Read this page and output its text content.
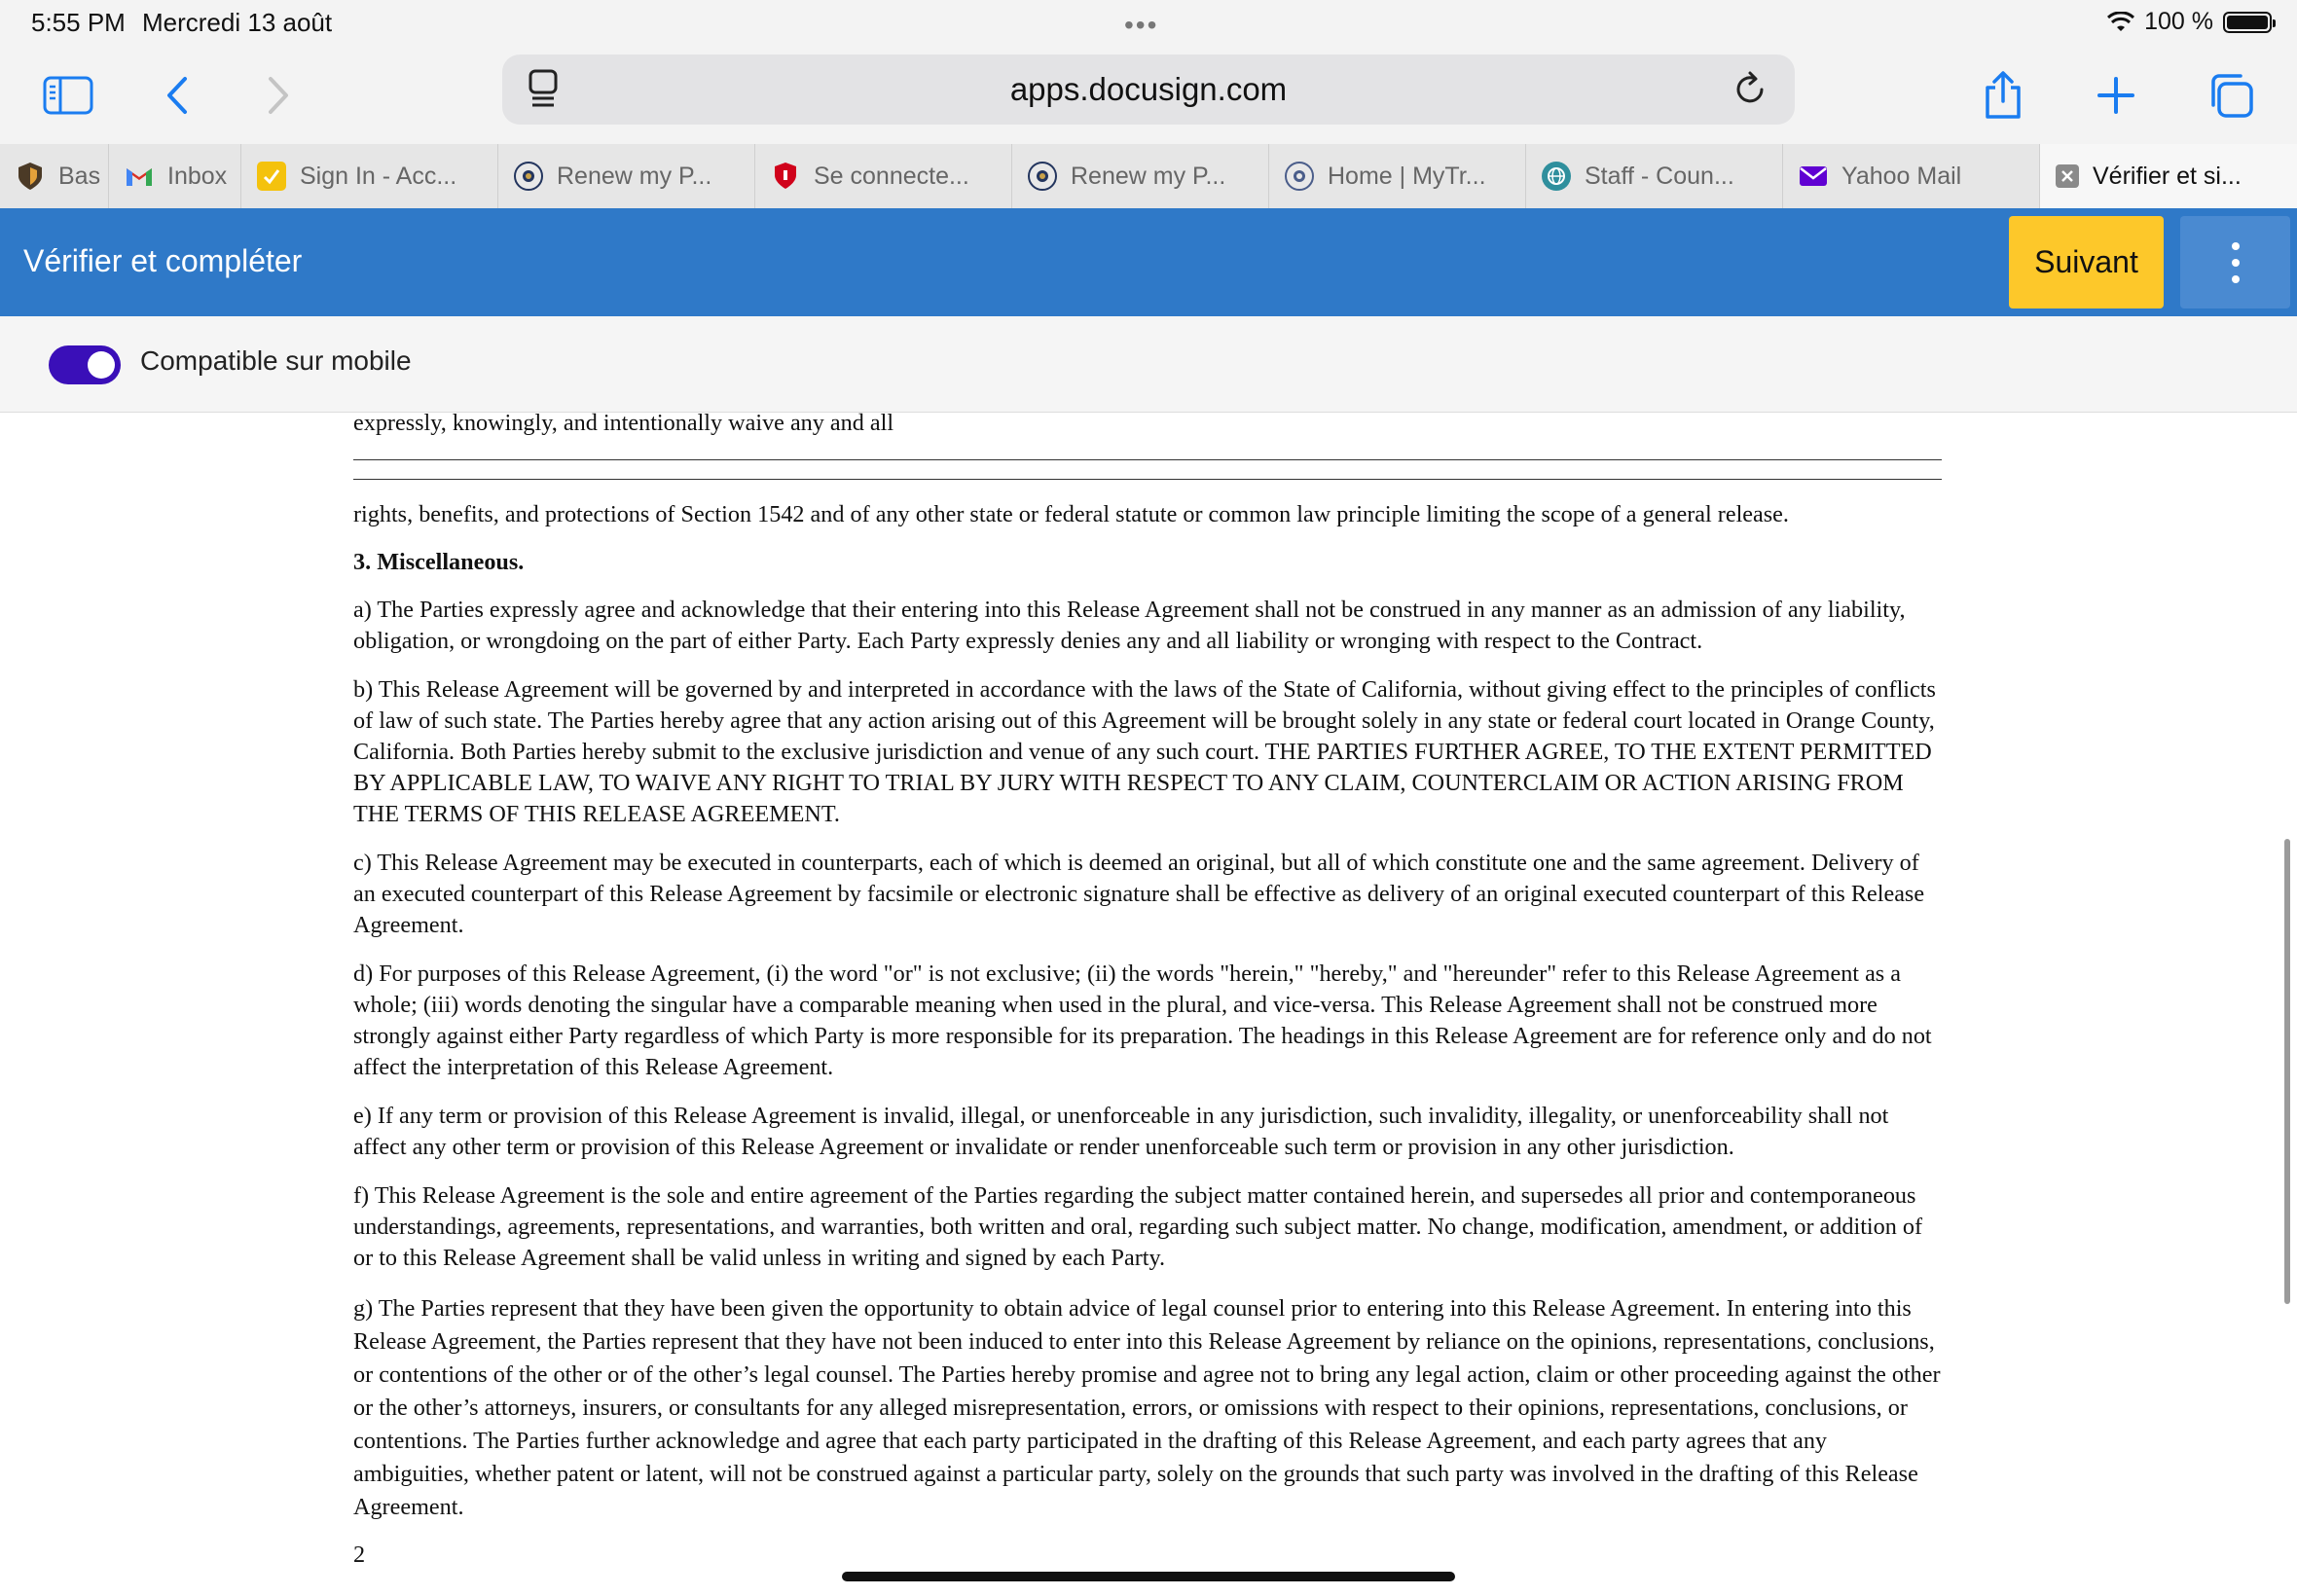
5:55 PM Mercredi 13 août	•••	100 %
apps.docusign.com
Bas	Inbox	Sign In - Acc...	Renew my P...	Se connecte...	Renew my P...	Home | MyTr...	Staff - Coun...	Yahoo Mail	Vérifier et si...
Vérifier et compléter	Suivant
Compatible sur mobile

expressly, knowingly, and intentionally waive any and all

rights, benefits, and protections of Section 1542 and of any other state or federal statute or common law principle limiting the scope of a general release.

3. Miscellaneous.

a) The Parties expressly agree and acknowledge that their entering into this Release Agreement shall not be construed in any manner as an admission of any liability, obligation, or wrongdoing on the part of either Party. Each Party expressly denies any and all liability or wronging with respect to the Contract.

b) This Release Agreement will be governed by and interpreted in accordance with the laws of the State of California, without giving effect to the principles of conflicts of law of such state. The Parties hereby agree that any action arising out of this Agreement will be brought solely in any state or federal court located in Orange County, California. Both Parties hereby submit to the exclusive jurisdiction and venue of any such court. THE PARTIES FURTHER AGREE, TO THE EXTENT PERMITTED BY APPLICABLE LAW, TO WAIVE ANY RIGHT TO TRIAL BY JURY WITH RESPECT TO ANY CLAIM, COUNTERCLAIM OR ACTION ARISING FROM THE TERMS OF THIS RELEASE AGREEMENT.

c) This Release Agreement may be executed in counterparts, each of which is deemed an original, but all of which constitute one and the same agreement. Delivery of an executed counterpart of this Release Agreement by facsimile or electronic signature shall be effective as delivery of an original executed counterpart of this Release Agreement.

d) For purposes of this Release Agreement, (i) the word "or" is not exclusive; (ii) the words "herein," "hereby," and "hereunder" refer to this Release Agreement as a whole; (iii) words denoting the singular have a comparable meaning when used in the plural, and vice-versa. This Release Agreement shall not be construed more strongly against either Party regardless of which Party is more responsible for its preparation. The headings in this Release Agreement are for reference only and do not affect the interpretation of this Release Agreement.

e) If any term or provision of this Release Agreement is invalid, illegal, or unenforceable in any jurisdiction, such invalidity, illegality, or unenforceability shall not affect any other term or provision of this Release Agreement or invalidate or render unenforceable such term or provision in any other jurisdiction.

f) This Release Agreement is the sole and entire agreement of the Parties regarding the subject matter contained herein, and supersedes all prior and contemporaneous understandings, agreements, representations, and warranties, both written and oral, regarding such subject matter. No change, modification, amendment, or addition of or to this Release Agreement shall be valid unless in writing and signed by each Party.

g) The Parties represent that they have been given the opportunity to obtain advice of legal counsel prior to entering into this Release Agreement. In entering into this Release Agreement, the Parties represent that they have not been induced to enter into this Release Agreement by reliance on the opinions, representations, conclusions, or contentions of the other or of the other’s legal counsel. The Parties hereby promise and agree not to bring any legal action, claim or other proceeding against the other or the other’s attorneys, insurers, or consultants for any alleged misrepresentation, errors, or omissions with respect to their opinions, representations, conclusions, or contentions. The Parties further acknowledge and agree that each party participated in the drafting of this Release Agreement, and each party agrees that any ambiguities, whether patent or latent, will not be construed against a particular party, solely on the grounds that such party was involved in the drafting of this Release Agreement.

2
